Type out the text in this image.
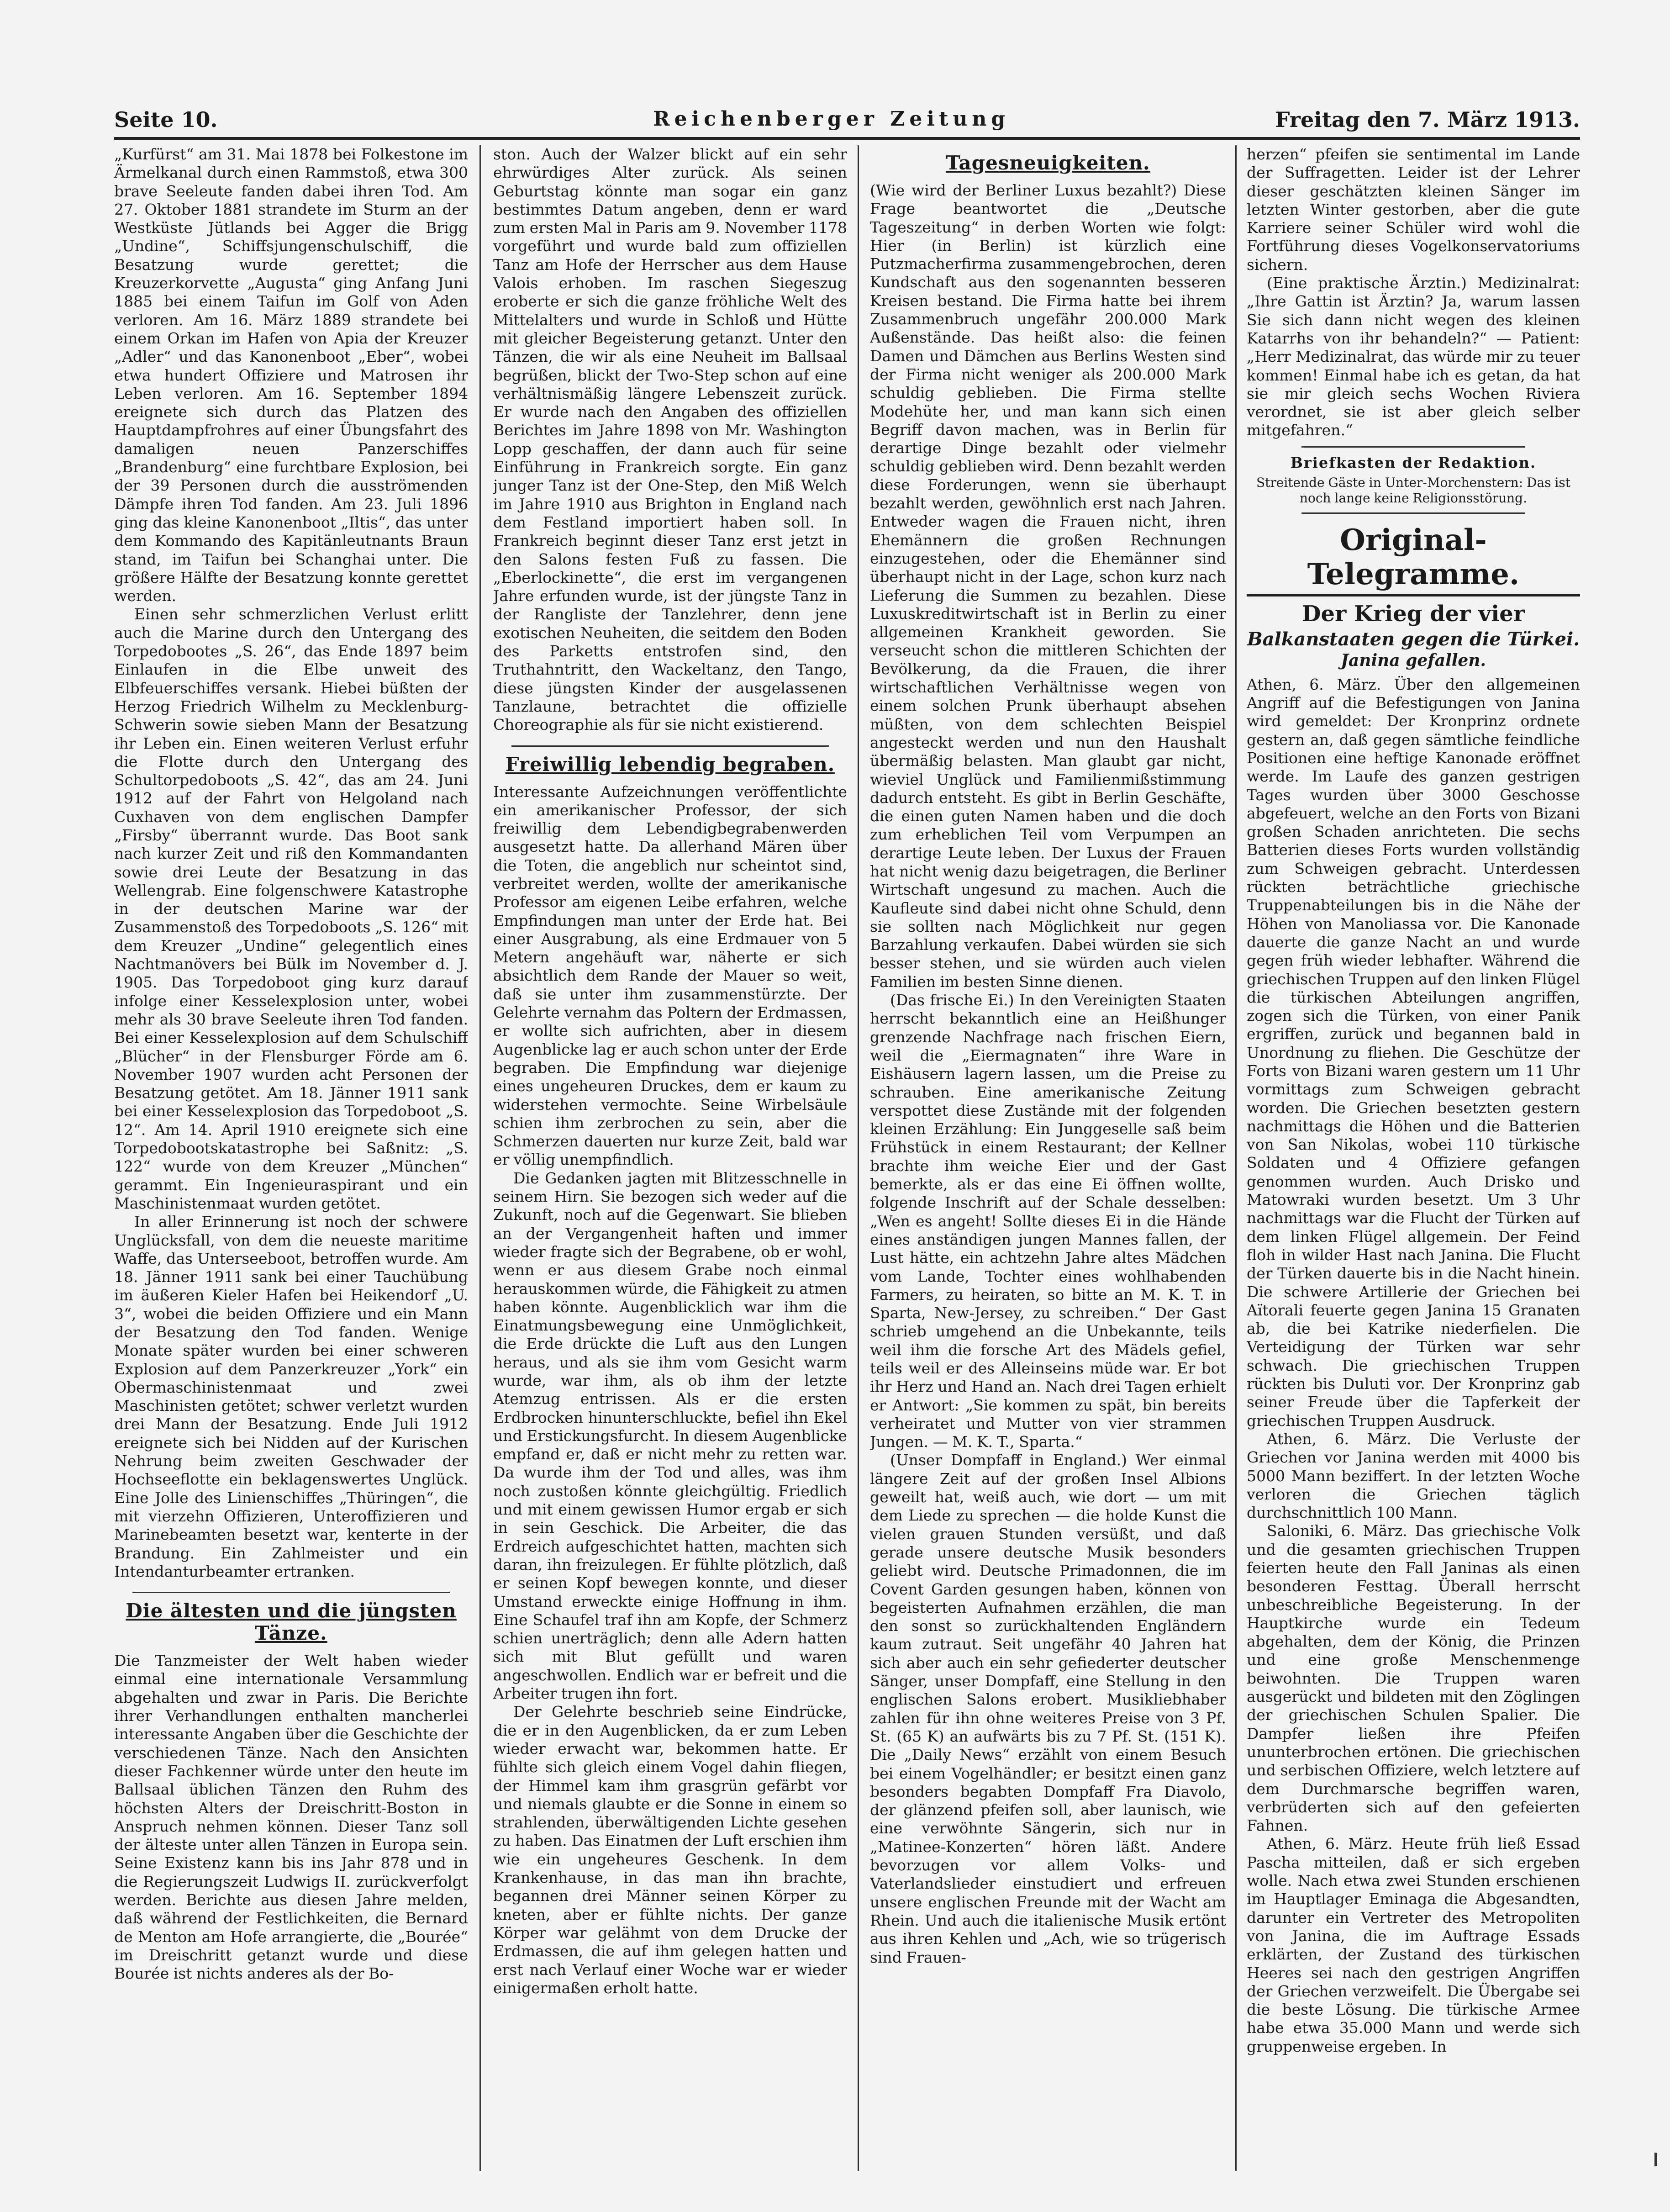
Seite 10.	Reichenberger Zeitung	Freitag den 7. März 1913.

„Kurfürst“ am 31. Mai 1878 bei Folkestone im Ärmelkanal durch einen Rammstoß, etwa 300 brave Seeleute fanden dabei ihren Tod. Am 27. Oktober 1881 strandete im Sturm an der Westküste Jütlands bei Agger die Brigg „Undine“, Schiffsjungenschulschiff, die Besatzung wurde gerettet; die Kreuzerkorvette „Augusta“ ging Anfang Juni 1885 bei einem Taifun im Golf von Aden verloren. Am 16. März 1889 strandete bei einem Orkan im Hafen von Apia der Kreuzer „Adler“ und das Kanonenboot „Eber“, wobei etwa hundert Offiziere und Matrosen ihr Leben verloren. Am 16. September 1894 ereignete sich durch das Platzen des Hauptdampfrohres auf einer Übungsfahrt des damaligen neuen Panzerschiffes „Brandenburg“ eine furchtbare Explosion, bei der 39 Personen durch die ausströmenden Dämpfe ihren Tod fanden. Am 23. Juli 1896 ging das kleine Kanonenboot „Iltis“, das unter dem Kommando des Kapitänleutnants Braun stand, im Taifun bei Schanghai unter. Die größere Hälfte der Besatzung konnte gerettet werden.

Einen sehr schmerzlichen Verlust erlitt auch die Marine durch den Untergang des Torpedobootes „S. 26“, das Ende 1897 beim Einlaufen in die Elbe unweit des Elbfeuerschiffes versank. Hiebei büßten der Herzog Friedrich Wilhelm zu Mecklenburg-Schwerin sowie sieben Mann der Besatzung ihr Leben ein. Einen weiteren Verlust erfuhr die Flotte durch den Untergang des Schultorpedoboots „S. 42“, das am 24. Juni 1912 auf der Fahrt von Helgoland nach Cuxhaven von dem englischen Dampfer „Firsby“ überrannt wurde. Das Boot sank nach kurzer Zeit und riß den Kommandanten sowie drei Leute der Besatzung in das Wellengrab. Eine folgenschwere Katastrophe in der deutschen Marine war der Zusammenstoß des Torpedoboots „S. 126“ mit dem Kreuzer „Undine“ gelegentlich eines Nachtmanövers bei Bülk im November d. J. 1905. Das Torpedoboot ging kurz darauf infolge einer Kesselexplosion unter, wobei mehr als 30 brave Seeleute ihren Tod fanden. Bei einer Kesselexplosion auf dem Schulschiff „Blücher“ in der Flensburger Förde am 6. November 1907 wurden acht Personen der Besatzung getötet. Am 18. Jänner 1911 sank bei einer Kesselexplosion das Torpedoboot „S. 12“. Am 14. April 1910 ereignete sich eine Torpedobootskatastrophe bei Saßnitz: „S. 122“ wurde von dem Kreuzer „München“ gerammt. Ein Ingenieuraspirant und ein Maschinistenmaat wurden getötet.

In aller Erinnerung ist noch der schwere Unglücksfall, von dem die neueste maritime Waffe, das Unterseeboot, betroffen wurde. Am 18. Jänner 1911 sank bei einer Tauchübung im äußeren Kieler Hafen bei Heikendorf „U. 3“, wobei die beiden Offiziere und ein Mann der Besatzung den Tod fanden. Wenige Monate später wurden bei einer schweren Explosion auf dem Panzerkreuzer „York“ ein Obermaschinistenmaat und zwei Maschinisten getötet; schwer verletzt wurden drei Mann der Besatzung. Ende Juli 1912 ereignete sich bei Nidden auf der Kurischen Nehrung beim zweiten Geschwader der Hochseeflotte ein beklagenswertes Unglück. Eine Jolle des Linienschiffes „Thüringen“, die mit vierzehn Offizieren, Unteroffizieren und Marinebeamten besetzt war, kenterte in der Brandung. Ein Zahlmeister und ein Intendanturbeamter ertranken.

Die ältesten und die jüngsten Tänze.

Die Tanzmeister der Welt haben wieder einmal eine internationale Versammlung abgehalten und zwar in Paris. Die Berichte ihrer Verhandlungen enthalten mancherlei interessante Angaben über die Geschichte der verschiedenen Tänze. Nach den Ansichten dieser Fachkenner würde unter den heute im Ballsaal üblichen Tänzen den Ruhm des höchsten Alters der Dreischritt-Boston in Anspruch nehmen können. Dieser Tanz soll der älteste unter allen Tänzen in Europa sein. Seine Existenz kann bis ins Jahr 878 und in die Regierungszeit Ludwigs II. zurückverfolgt werden. Berichte aus diesen Jahre melden, daß während der Festlichkeiten, die Bernard de Menton am Hofe arrangierte, die „Bourée“ im Dreischritt getanzt wurde und diese Bourée ist nichts anderes als der Bo-

ston. Auch der Walzer blickt auf ein sehr ehrwürdiges Alter zurück. Als seinen Geburtstag könnte man sogar ein ganz bestimmtes Datum angeben, denn er ward zum ersten Mal in Paris am 9. November 1178 vorgeführt und wurde bald zum offiziellen Tanz am Hofe der Herrscher aus dem Hause Valois erhoben. Im raschen Siegeszug eroberte er sich die ganze fröhliche Welt des Mittelalters und wurde in Schloß und Hütte mit gleicher Begeisterung getanzt. Unter den Tänzen, die wir als eine Neuheit im Ballsaal begrüßen, blickt der Two-Step schon auf eine verhältnismäßig längere Lebenszeit zurück. Er wurde nach den Angaben des offiziellen Berichtes im Jahre 1898 von Mr. Washington Lopp geschaffen, der dann auch für seine Einführung in Frankreich sorgte. Ein ganz junger Tanz ist der One-Step, den Miß Welch im Jahre 1910 aus Brighton in England nach dem Festland importiert haben soll. In Frankreich beginnt dieser Tanz erst jetzt in den Salons festen Fuß zu fassen. Die „Eberlockinette“, die erst im vergangenen Jahre erfunden wurde, ist der jüngste Tanz in der Rangliste der Tanzlehrer, denn jene exotischen Neuheiten, die seitdem den Boden des Parketts entstrofen sind, den Truthahntritt, den Wackeltanz, den Tango, diese jüngsten Kinder der ausgelassenen Tanzlaune, betrachtet die offizielle Choreographie als für sie nicht existierend.

Freiwillig lebendig begraben.

Interessante Aufzeichnungen veröffentlichte ein amerikanischer Professor, der sich freiwillig dem Lebendigbegrabenwerden ausgesetzt hatte. Da allerhand Mären über die Toten, die angeblich nur scheintot sind, verbreitet werden, wollte der amerikanische Professor am eigenen Leibe erfahren, welche Empfindungen man unter der Erde hat. Bei einer Ausgrabung, als eine Erdmauer von 5 Metern angehäuft war, näherte er sich absichtlich dem Rande der Mauer so weit, daß sie unter ihm zusammenstürzte. Der Gelehrte vernahm das Poltern der Erdmassen, er wollte sich aufrichten, aber in diesem Augenblicke lag er auch schon unter der Erde begraben. Die Empfindung war diejenige eines ungeheuren Druckes, dem er kaum zu widerstehen vermochte. Seine Wirbelsäule schien ihm zerbrochen zu sein, aber die Schmerzen dauerten nur kurze Zeit, bald war er völlig unempfindlich.

Die Gedanken jagten mit Blitzesschnelle in seinem Hirn. Sie bezogen sich weder auf die Zukunft, noch auf die Gegenwart. Sie blieben an der Vergangenheit haften und immer wieder fragte sich der Begrabene, ob er wohl, wenn er aus diesem Grabe noch einmal herauskommen würde, die Fähigkeit zu atmen haben könnte. Augenblicklich war ihm die Einatmungsbewegung eine Unmöglichkeit, die Erde drückte die Luft aus den Lungen heraus, und als sie ihm vom Gesicht warm wurde, war ihm, als ob ihm der letzte Atemzug entrissen. Als er die ersten Erdbrocken hinunterschluckte, befiel ihn Ekel und Erstickungsfurcht. In diesem Augenblicke empfand er, daß er nicht mehr zu retten war. Da wurde ihm der Tod und alles, was ihm noch zustoßen könnte gleichgültig. Friedlich und mit einem gewissen Humor ergab er sich in sein Geschick. Die Arbeiter, die das Erdreich aufgeschichtet hatten, machten sich daran, ihn freizulegen. Er fühlte plötzlich, daß er seinen Kopf bewegen konnte, und dieser Umstand erweckte einige Hoffnung in ihm. Eine Schaufel traf ihn am Kopfe, der Schmerz schien unerträglich; denn alle Adern hatten sich mit Blut gefüllt und waren angeschwollen. Endlich war er befreit und die Arbeiter trugen ihn fort.

Der Gelehrte beschrieb seine Eindrücke, die er in den Augenblicken, da er zum Leben wieder erwacht war, bekommen hatte. Er fühlte sich gleich einem Vogel dahin fliegen, der Himmel kam ihm grasgrün gefärbt vor und niemals glaubte er die Sonne in einem so strahlenden, überwältigenden Lichte gesehen zu haben. Das Einatmen der Luft erschien ihm wie ein ungeheures Geschenk. In dem Krankenhause, in das man ihn brachte, begannen drei Männer seinen Körper zu kneten, aber er fühlte nichts. Der ganze Körper war gelähmt von dem Drucke der Erdmassen, die auf ihm gelegen hatten und erst nach Verlauf einer Woche war er wieder einigermaßen erholt hatte.

Tagesneuigkeiten.

(Wie wird der Berliner Luxus bezahlt?) Diese Frage beantwortet die „Deutsche Tageszeitung“ in derben Worten wie folgt: Hier (in Berlin) ist kürzlich eine Putzmacherfirma zusammengebrochen, deren Kundschaft aus den sogenannten besseren Kreisen bestand. Die Firma hatte bei ihrem Zusammenbruch ungefähr 200.000 Mark Außenstände. Das heißt also: die feinen Damen und Dämchen aus Berlins Westen sind der Firma nicht weniger als 200.000 Mark schuldig geblieben. Die Firma stellte Modehüte her, und man kann sich einen Begriff davon machen, was in Berlin für derartige Dinge bezahlt oder vielmehr schuldig geblieben wird. Denn bezahlt werden diese Forderungen, wenn sie überhaupt bezahlt werden, gewöhnlich erst nach Jahren. Entweder wagen die Frauen nicht, ihren Ehemännern die großen Rechnungen einzugestehen, oder die Ehemänner sind überhaupt nicht in der Lage, schon kurz nach Lieferung die Summen zu bezahlen. Diese Luxuskreditwirtschaft ist in Berlin zu einer allgemeinen Krankheit geworden. Sie verseucht schon die mittleren Schichten der Bevölkerung, da die Frauen, die ihrer wirtschaftlichen Verhältnisse wegen von einem solchen Prunk überhaupt absehen müßten, von dem schlechten Beispiel angesteckt werden und nun den Haushalt übermäßig belasten. Man glaubt gar nicht, wieviel Unglück und Familienmißstimmung dadurch entsteht. Es gibt in Berlin Geschäfte, die einen guten Namen haben und die doch zum erheblichen Teil vom Verpumpen an derartige Leute leben. Der Luxus der Frauen hat nicht wenig dazu beigetragen, die Berliner Wirtschaft ungesund zu machen. Auch die Kaufleute sind dabei nicht ohne Schuld, denn sie sollten nach Möglichkeit nur gegen Barzahlung verkaufen. Dabei würden sie sich besser stehen, und sie würden auch vielen Familien im besten Sinne dienen.

(Das frische Ei.) In den Vereinigten Staaten herrscht bekanntlich eine an Heißhunger grenzende Nachfrage nach frischen Eiern, weil die „Eiermagnaten“ ihre Ware in Eishäusern lagern lassen, um die Preise zu schrauben. Eine amerikanische Zeitung verspottet diese Zustände mit der folgenden kleinen Erzählung: Ein Junggeselle saß beim Frühstück in einem Restaurant; der Kellner brachte ihm weiche Eier und der Gast bemerkte, als er das eine Ei öffnen wollte, folgende Inschrift auf der Schale desselben: „Wen es angeht! Sollte dieses Ei in die Hände eines anständigen jungen Mannes fallen, der Lust hätte, ein achtzehn Jahre altes Mädchen vom Lande, Tochter eines wohlhabenden Farmers, zu heiraten, so bitte an M. K. T. in Sparta, New-Jersey, zu schreiben.“ Der Gast schrieb umgehend an die Unbekannte, teils weil ihm die forsche Art des Mädels gefiel, teils weil er des Alleinseins müde war. Er bot ihr Herz und Hand an. Nach drei Tagen erhielt er Antwort: „Sie kommen zu spät, bin bereits verheiratet und Mutter von vier strammen Jungen. — M. K. T., Sparta.“

(Unser Dompfaff in England.) Wer einmal längere Zeit auf der großen Insel Albions geweilt hat, weiß auch, wie dort — um mit dem Liede zu sprechen — die holde Kunst die vielen grauen Stunden versüßt, und daß gerade unsere deutsche Musik besonders geliebt wird. Deutsche Primadonnen, die im Covent Garden gesungen haben, können von begeisterten Aufnahmen erzählen, die man den sonst so zurückhaltenden Engländern kaum zutraut. Seit ungefähr 40 Jahren hat sich aber auch ein sehr gefiederter deutscher Sänger, unser Dompfaff, eine Stellung in den englischen Salons erobert. Musikliebhaber zahlen für ihn ohne weiteres Preise von 3 Pf. St. (65 K) an aufwärts bis zu 7 Pf. St. (151 K). Die „Daily News“ erzählt von einem Besuch bei einem Vogelhändler; er besitzt einen ganz besonders begabten Dompfaff Fra Diavolo, der glänzend pfeifen soll, aber launisch, wie eine verwöhnte Sängerin, sich nur in „Matinee-Konzerten“ hören läßt. Andere bevorzugen vor allem Volks- und Vaterlandslieder einstudiert und erfreuen unsere englischen Freunde mit der Wacht am Rhein. Und auch die italienische Musik ertönt aus ihren Kehlen und „Ach, wie so trügerisch sind Frauen-

herzen“ pfeifen sie sentimental im Lande der Suffragetten. Leider ist der Lehrer dieser geschätzten kleinen Sänger im letzten Winter gestorben, aber die gute Karriere seiner Schüler wird wohl die Fortführung dieses Vogelkonservatoriums sichern.

(Eine praktische Ärztin.) Medizinalrat: „Ihre Gattin ist Ärztin? Ja, warum lassen Sie sich dann nicht wegen des kleinen Katarrhs von ihr behandeln?“ — Patient: „Herr Medizinalrat, das würde mir zu teuer kommen! Einmal habe ich es getan, da hat sie mir gleich sechs Wochen Riviera verordnet, sie ist aber gleich selber mitgefahren.“

Briefkasten der Redaktion.

Streitende Gäste in Unter-Morchenstern: Das ist noch lange keine Religionsstörung.

Original-Telegramme.
Der Krieg der vier
Balkanstaaten gegen die Türkei.
Janina gefallen.

Athen, 6. März. Über den allgemeinen Angriff auf die Befestigungen von Janina wird gemeldet: Der Kronprinz ordnete gestern an, daß gegen sämtliche feindliche Positionen eine heftige Kanonade eröffnet werde. Im Laufe des ganzen gestrigen Tages wurden über 3000 Geschosse abgefeuert, welche an den Forts von Bizani großen Schaden anrichteten. Die sechs Batterien dieses Forts wurden vollständig zum Schweigen gebracht. Unterdessen rückten beträchtliche griechische Truppenabteilungen bis in die Nähe der Höhen von Manoliassa vor. Die Kanonade dauerte die ganze Nacht an und wurde gegen früh wieder lebhafter. Während die griechischen Truppen auf den linken Flügel die türkischen Abteilungen angriffen, zogen sich die Türken, von einer Panik ergriffen, zurück und begannen bald in Unordnung zu fliehen. Die Geschütze der Forts von Bizani waren gestern um 11 Uhr vormittags zum Schweigen gebracht worden. Die Griechen besetzten gestern nachmittags die Höhen und die Batterien von San Nikolas, wobei 110 türkische Soldaten und 4 Offiziere gefangen genommen wurden. Auch Drisko und Matowraki wurden besetzt. Um 3 Uhr nachmittags war die Flucht der Türken auf dem linken Flügel allgemein. Der Feind floh in wilder Hast nach Janina. Die Flucht der Türken dauerte bis in die Nacht hinein. Die schwere Artillerie der Griechen bei Aïtorali feuerte gegen Janina 15 Granaten ab, die bei Katrike niederfielen. Die Verteidigung der Türken war sehr schwach. Die griechischen Truppen rückten bis Duluti vor. Der Kronprinz gab seiner Freude über die Tapferkeit der griechischen Truppen Ausdruck.

Athen, 6. März. Die Verluste der Griechen vor Janina werden mit 4000 bis 5000 Mann beziffert. In der letzten Woche verloren die Griechen täglich durchschnittlich 100 Mann.

Saloniki, 6. März. Das griechische Volk und die gesamten griechischen Truppen feierten heute den Fall Janinas als einen besonderen Festtag. Überall herrscht unbeschreibliche Begeisterung. In der Hauptkirche wurde ein Tedeum abgehalten, dem der König, die Prinzen und eine große Menschenmenge beiwohnten. Die Truppen waren ausgerückt und bildeten mit den Zöglingen der griechischen Schulen Spalier. Die Dampfer ließen ihre Pfeifen ununterbrochen ertönen. Die griechischen und serbischen Offiziere, welch letztere auf dem Durchmarsche begriffen waren, verbrüderten sich auf den gefeierten Fahnen.

Athen, 6. März. Heute früh ließ Essad Pascha mitteilen, daß er sich ergeben wolle. Nach etwa zwei Stunden erschienen im Hauptlager Eminaga die Abgesandten, darunter ein Vertreter des Metropoliten von Janina, die im Auftrage Essads erklärten, der Zustand des türkischen Heeres sei nach den gestrigen Angriffen der Griechen verzweifelt. Die Übergabe sei die beste Lösung. Die türkische Armee habe etwa 35.000 Mann und werde sich gruppenweise ergeben. In
